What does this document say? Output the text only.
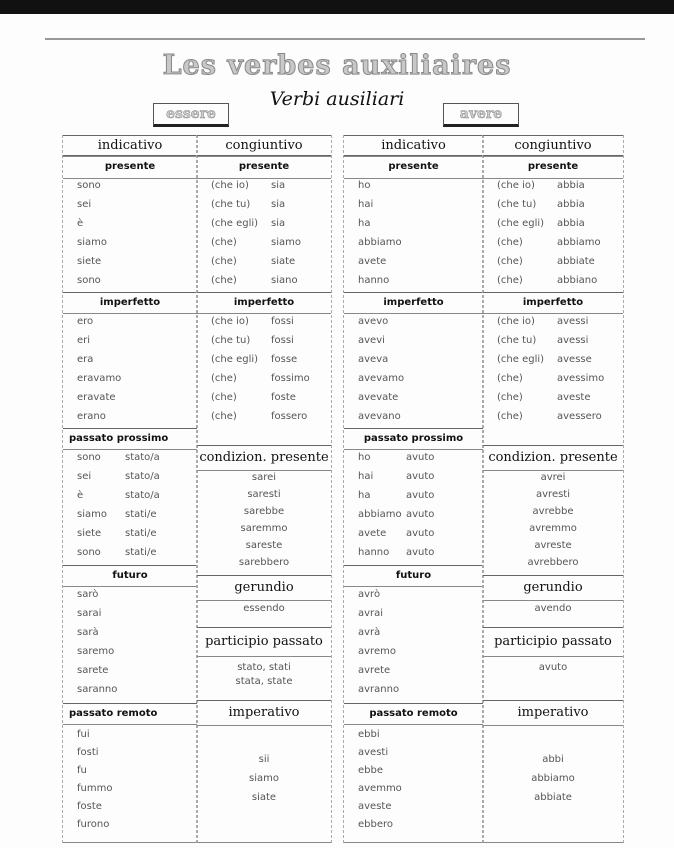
Les verbes auxiliaires
Verbi ausiliari
essere	avere
indicativo
presente
sono
sei
è
siamo
siete
sono
imperfetto
ero
eri
era
eravamo
eravate
erano
passato prossimo
sono stato/a
sei	stato/a
è	stato/a
siamo stati/e
siete stati/e
sono stati/e
futuro
sarò
sarai
sarà
saremo
sarete
saranno
passato remoto
fui
fosti
fu
fummo
foste
furono
congiuntivo
presente
(che io) sia
(che tu) sia
(che egli) sia
(che)	siamo
(che)	siate
(che)	siano
imperfetto
(che io) fossi
(che tu) fossi
(che egli) fosse
(che)	fossimo
(che)	foste
(che)	fossero
condizion. presente
sarei
saresti
sarebbe
saremmo
sareste
sarebbero
gerundio
essendo
participio passato
stato, stati
stata, state
imperativo
sii
siamo
siate
indicativo
presente
ho
hai
ha
abbiamo
avete
hanno
imperfetto
avevo
avevi
aveva
avevamo
avevate
avevano
passato prossimo
ho	avuto
hai	avuto
ha	avuto
abbiamo avuto
avete avuto
hanno avuto
futuro
avrò
avrai
avrà
avremo
avrete
avranno
passato remoto
ebbi
avesti
ebbe
avemmo
aveste
ebbero
congiuntivo
presente
(che io) abbia
(che tu) abbia
(che egli) abbia
(che)	abbiamo
(che)	abbiate
(che)	abbiano
imperfetto
(che io) avessi
(che tu) avessi
(che egli) avesse
(che)	avessimo
(che)	aveste
(che)	avessero
condizion. presente
avrei
avresti
avrebbe
avremmo
avreste
avrebbero
gerundio
avendo
participio passato
avuto
imperativo
abbi
abbiamo
abbiate
